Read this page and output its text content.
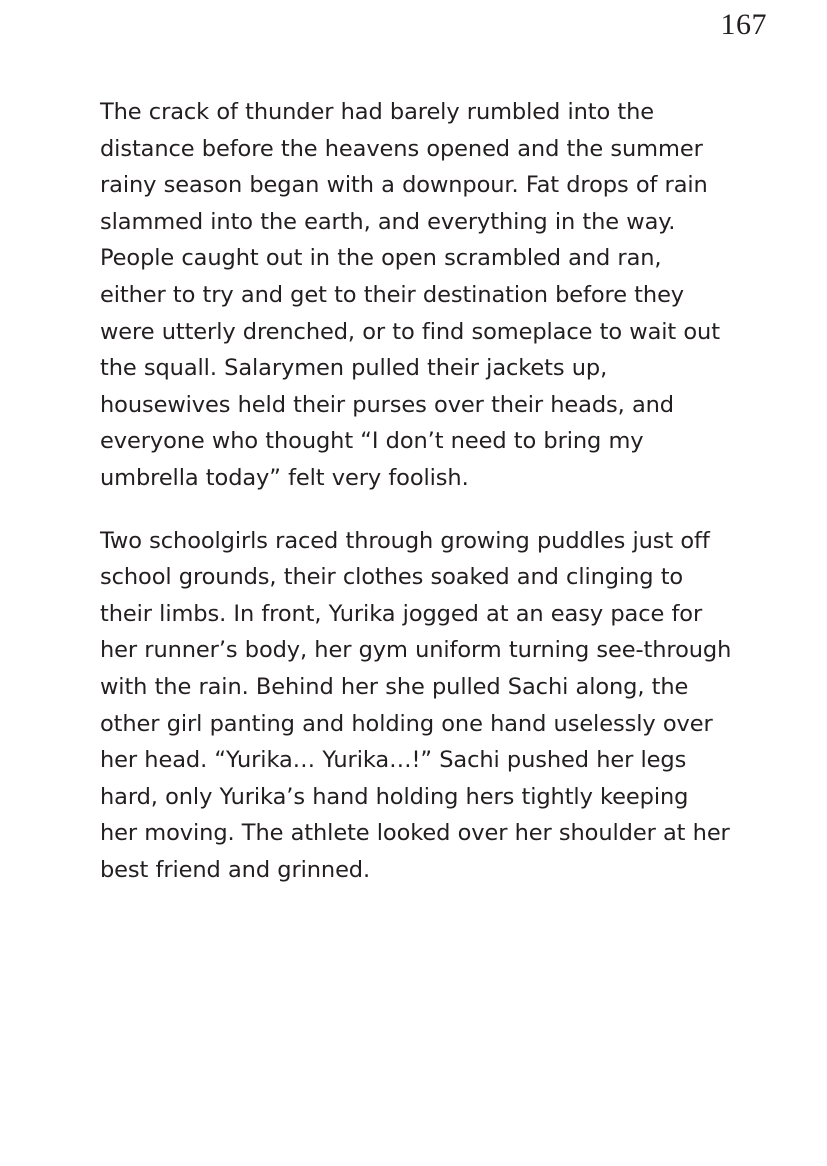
167

The crack of thunder had barely rumbled into the distance before the heavens opened and the summer rainy season began with a downpour. Fat drops of rain slammed into the earth, and everything in the way. People caught out in the open scrambled and ran, either to try and get to their destination before they were utterly drenched, or to find someplace to wait out the squall. Salarymen pulled their jackets up, housewives held their purses over their heads, and everyone who thought “I don’t need to bring my umbrella today” felt very foolish.

Two schoolgirls raced through growing puddles just off school grounds, their clothes soaked and clinging to their limbs. In front, Yurika jogged at an easy pace for her runner’s body, her gym uniform turning see-through with the rain. Behind her she pulled Sachi along, the other girl panting and holding one hand uselessly over her head. “Yurika… Yurika…!” Sachi pushed her legs hard, only Yurika’s hand holding hers tightly keeping her moving. The athlete looked over her shoulder at her best friend and grinned.
